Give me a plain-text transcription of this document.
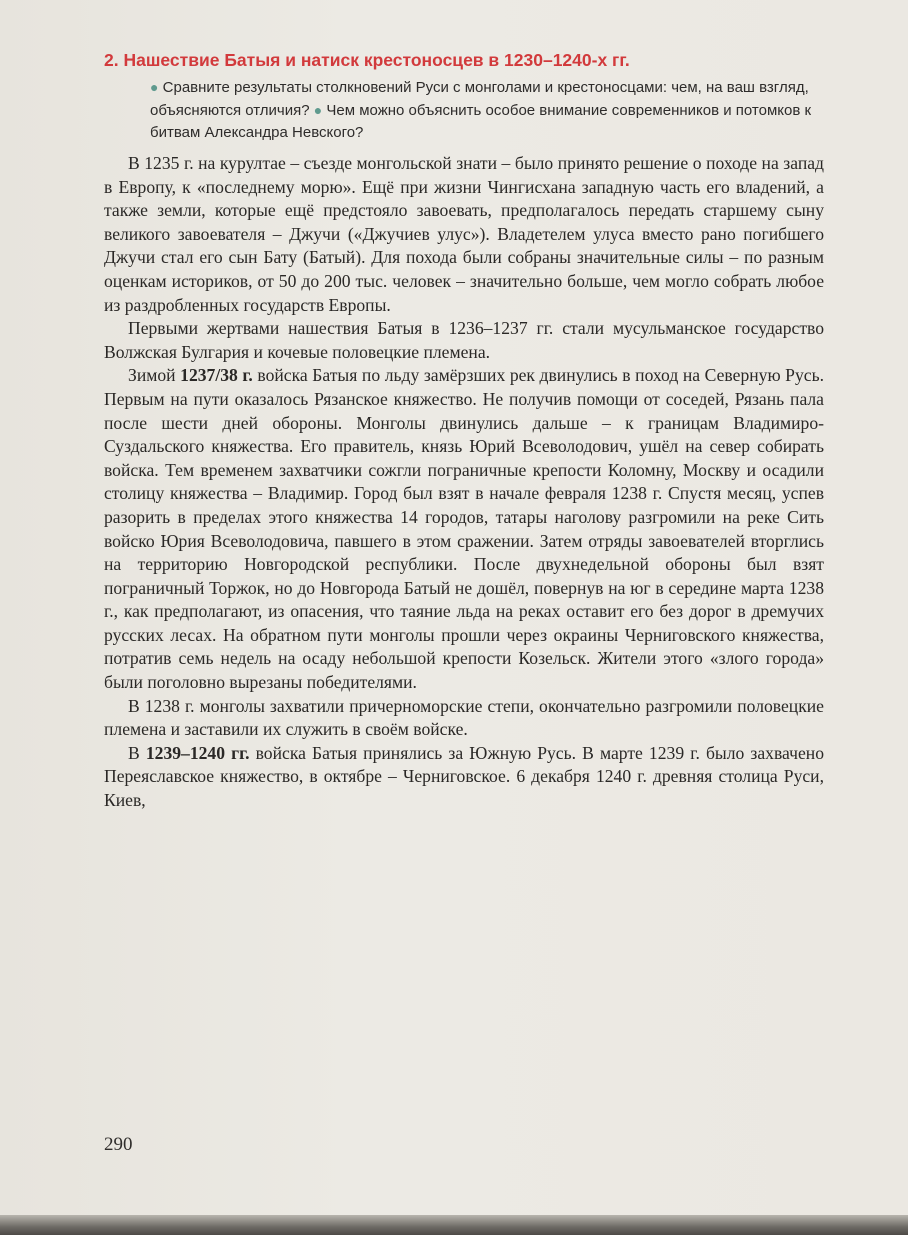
2. Нашествие Батыя и натиск крестоносцев в 1230–1240-х гг.
● Сравните результаты столкновений Руси с монголами и крестоносцами: чем, на ваш взгляд, объясняются отличия? ● Чем можно объяснить особое внимание современников и потомков к битвам Александра Невского?

В 1235 г. на курултае – съезде монгольской знати – было принято решение о походе на запад в Европу, к «последнему морю». Ещё при жизни Чингисхана западную часть его владений, а также земли, которые ещё предстояло завоевать, предполагалось передать старшему сыну великого завоевателя – Джучи («Джучиев улус»). Владетелем улуса вместо рано погибшего Джучи стал его сын Бату (Батый). Для похода были собраны значительные силы – по разным оценкам историков, от 50 до 200 тыс. человек – значительно больше, чем могло собрать любое из раздробленных государств Европы.

Первыми жертвами нашествия Батыя в 1236–1237 гг. стали мусульманское государство Волжская Булгария и кочевые половецкие племена.

Зимой 1237/38 г. войска Батыя по льду замёрзших рек двинулись в поход на Северную Русь. Первым на пути оказалось Рязанское княжество. Не получив помощи от соседей, Рязань пала после шести дней обороны. Монголы двинулись дальше – к границам Владимиро-Суздальского княжества. Его правитель, князь Юрий Всеволодович, ушёл на север собирать войска. Тем временем захватчики сожгли пограничные крепости Коломну, Москву и осадили столицу княжества – Владимир. Город был взят в начале февраля 1238 г. Спустя месяц, успев разорить в пределах этого княжества 14 городов, татары наголову разгромили на реке Сить войско Юрия Всеволодовича, павшего в этом сражении. Затем отряды завоевателей вторглись на территорию Новгородской республики. После двухнедельной обороны был взят пограничный Торжок, но до Новгорода Батый не дошёл, повернув на юг в середине марта 1238 г., как предполагают, из опасения, что таяние льда на реках оставит его без дорог в дремучих русских лесах. На обратном пути монголы прошли через окраины Черниговского княжества, потратив семь недель на осаду небольшой крепости Козельск. Жители этого «злого города» были поголовно вырезаны победителями.

В 1238 г. монголы захватили причерноморские степи, окончательно разгромили половецкие племена и заставили их служить в своём войске.

В 1239–1240 гг. войска Батыя принялись за Южную Русь. В марте 1239 г. было захвачено Переяславское княжество, в октябре – Черниговское. 6 декабря 1240 г. древняя столица Руси, Киев,

290
